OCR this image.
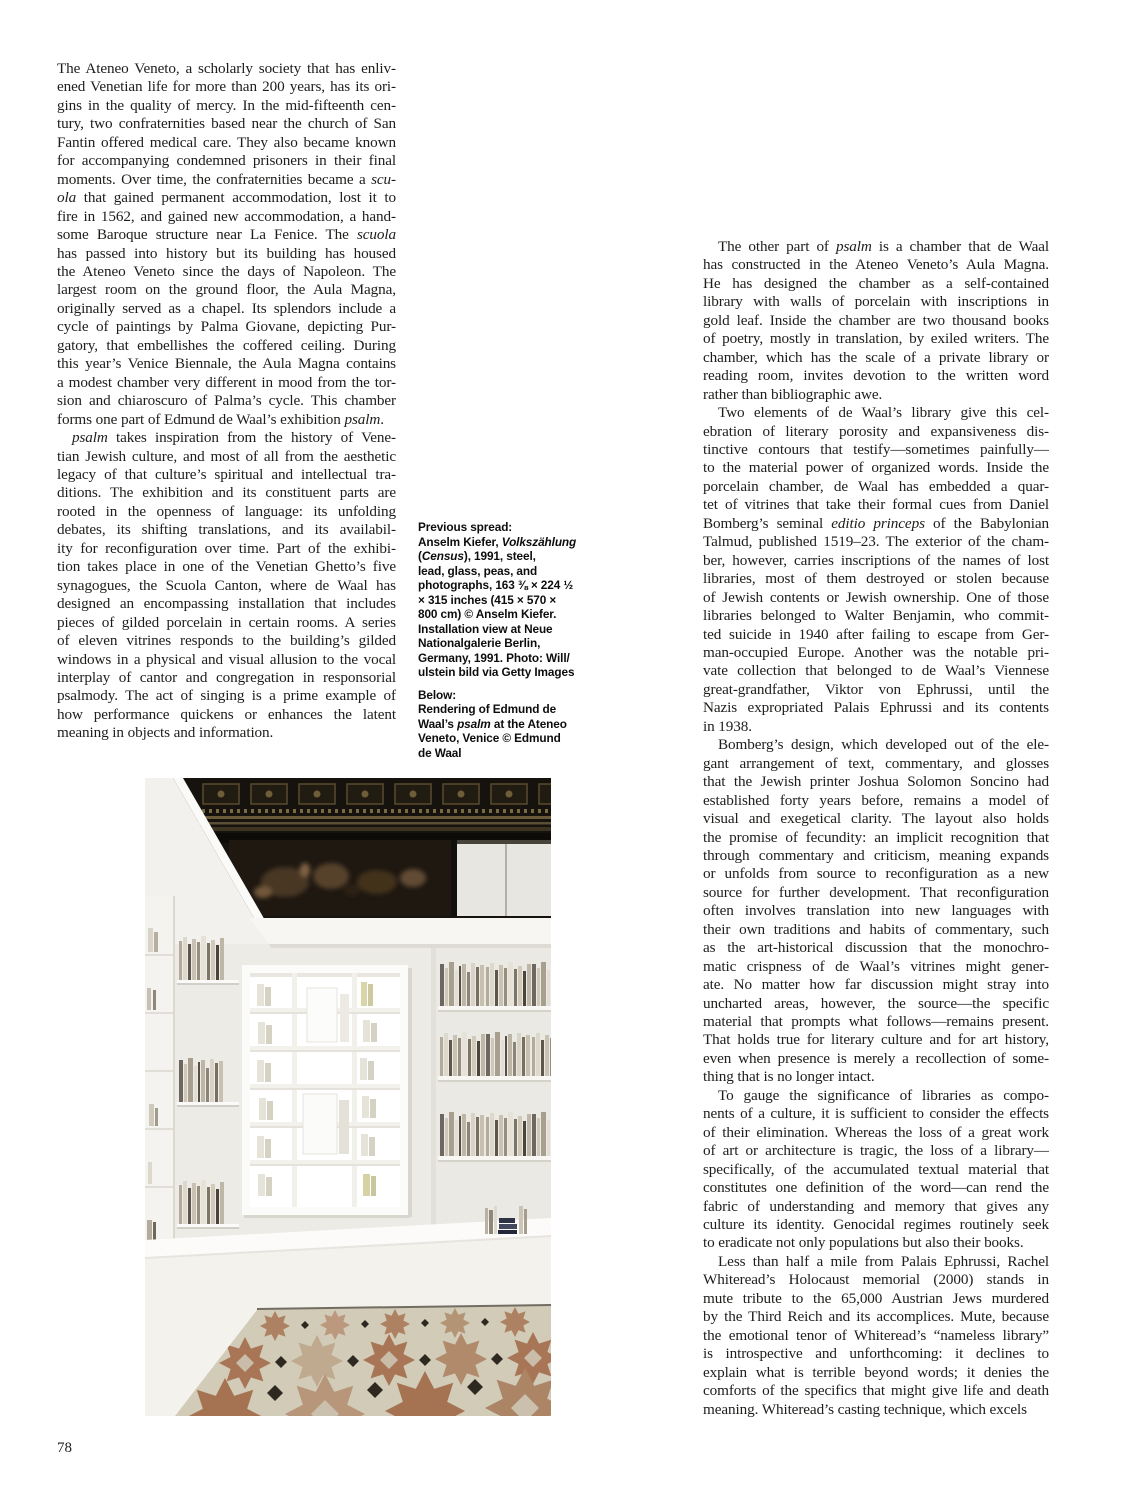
The Ateneo Veneto, a scholarly society that has enliv-
ened Venetian life for more than 200 years, has its ori-
gins in the quality of mercy. In the mid-fifteenth cen-
tury, two confraternities based near the church of San
Fantin offered medical care. They also became known
for accompanying condemned prisoners in their final
moments. Over time, the confraternities became a scu-
ola that gained permanent accommodation, lost it to
fire in 1562, and gained new accommodation, a hand-
some Baroque structure near La Fenice. The scuola
has passed into history but its building has housed
the Ateneo Veneto since the days of Napoleon. The
largest room on the ground floor, the Aula Magna,
originally served as a chapel. Its splendors include a
cycle of paintings by Palma Giovane, depicting Pur-
gatory, that embellishes the coffered ceiling. During
this year’s Venice Biennale, the Aula Magna contains
a modest chamber very different in mood from the tor-
sion and chiaroscuro of Palma’s cycle. This chamber
forms one part of Edmund de Waal’s exhibition psalm.
psalm takes inspiration from the history of Vene-
tian Jewish culture, and most of all from the aesthetic
legacy of that culture’s spiritual and intellectual tra-
ditions. The exhibition and its constituent parts are
rooted in the openness of language: its unfolding
debates, its shifting translations, and its availabil-
ity for reconfiguration over time. Part of the exhibi-
tion takes place in one of the Venetian Ghetto’s five
synagogues, the Scuola Canton, where de Waal has
designed an encompassing installation that includes
pieces of gilded porcelain in certain rooms. A series
of eleven vitrines responds to the building’s gilded
windows in a physical and visual allusion to the vocal
interplay of cantor and congregation in responsorial
psalmody. The act of singing is a prime example of
how performance quickens or enhances the latent
meaning in objects and information.
Previous spread:
Anselm Kiefer, Volkszählung
(Census), 1991, steel,
lead, glass, peas, and
photographs, 163 ⅜ × 224 ½
× 315 inches (415 × 570 ×
800 cm) © Anselm Kiefer.
Installation view at Neue
Nationalgalerie Berlin,
Germany, 1991. Photo: Will/
ulstein bild via Getty Images
Below:
Rendering of Edmund de
Waal’s psalm at the Ateneo
Veneto, Venice © Edmund
de Waal
The other part of psalm is a chamber that de Waal
has constructed in the Ateneo Veneto’s Aula Magna.
He has designed the chamber as a self-contained
library with walls of porcelain with inscriptions in
gold leaf. Inside the chamber are two thousand books
of poetry, mostly in translation, by exiled writers. The
chamber, which has the scale of a private library or
reading room, invites devotion to the written word
rather than bibliographic awe.
Two elements of de Waal’s library give this cel-
ebration of literary porosity and expansiveness dis-
tinctive contours that testify—sometimes painfully—
to the material power of organized words. Inside the
porcelain chamber, de Waal has embedded a quar-
tet of vitrines that take their formal cues from Daniel
Bomberg’s seminal editio princeps of the Babylonian
Talmud, published 1519–23. The exterior of the cham-
ber, however, carries inscriptions of the names of lost
libraries, most of them destroyed or stolen because
of Jewish contents or Jewish ownership. One of those
libraries belonged to Walter Benjamin, who commit-
ted suicide in 1940 after failing to escape from Ger-
man-occupied Europe. Another was the notable pri-
vate collection that belonged to de Waal’s Viennese
great-grandfather, Viktor von Ephrussi, until the
Nazis expropriated Palais Ephrussi and its contents
in 1938.
Bomberg’s design, which developed out of the ele-
gant arrangement of text, commentary, and glosses
that the Jewish printer Joshua Solomon Soncino had
established forty years before, remains a model of
visual and exegetical clarity. The layout also holds
the promise of fecundity: an implicit recognition that
through commentary and criticism, meaning expands
or unfolds from source to reconfiguration as a new
source for further development. That reconfiguration
often involves translation into new languages with
their own traditions and habits of commentary, such
as the art-historical discussion that the monochro-
matic crispness of de Waal’s vitrines might gener-
ate. No matter how far discussion might stray into
uncharted areas, however, the source—the specific
material that prompts what follows—remains present.
That holds true for literary culture and for art history,
even when presence is merely a recollection of some-
thing that is no longer intact.
To gauge the significance of libraries as compo-
nents of a culture, it is sufficient to consider the effects
of their elimination. Whereas the loss of a great work
of art or architecture is tragic, the loss of a library—
specifically, of the accumulated textual material that
constitutes one definition of the word—can rend the
fabric of understanding and memory that gives any
culture its identity. Genocidal regimes routinely seek
to eradicate not only populations but also their books.
Less than half a mile from Palais Ephrussi, Rachel
Whiteread’s Holocaust memorial (2000) stands in
mute tribute to the 65,000 Austrian Jews murdered
by the Third Reich and its accomplices. Mute, because
the emotional tenor of Whiteread’s “nameless library”
is introspective and unforthcoming: it declines to
explain what is terrible beyond words; it denies the
comforts of the specifics that might give life and death
meaning. Whiteread’s casting technique, which excels
78
